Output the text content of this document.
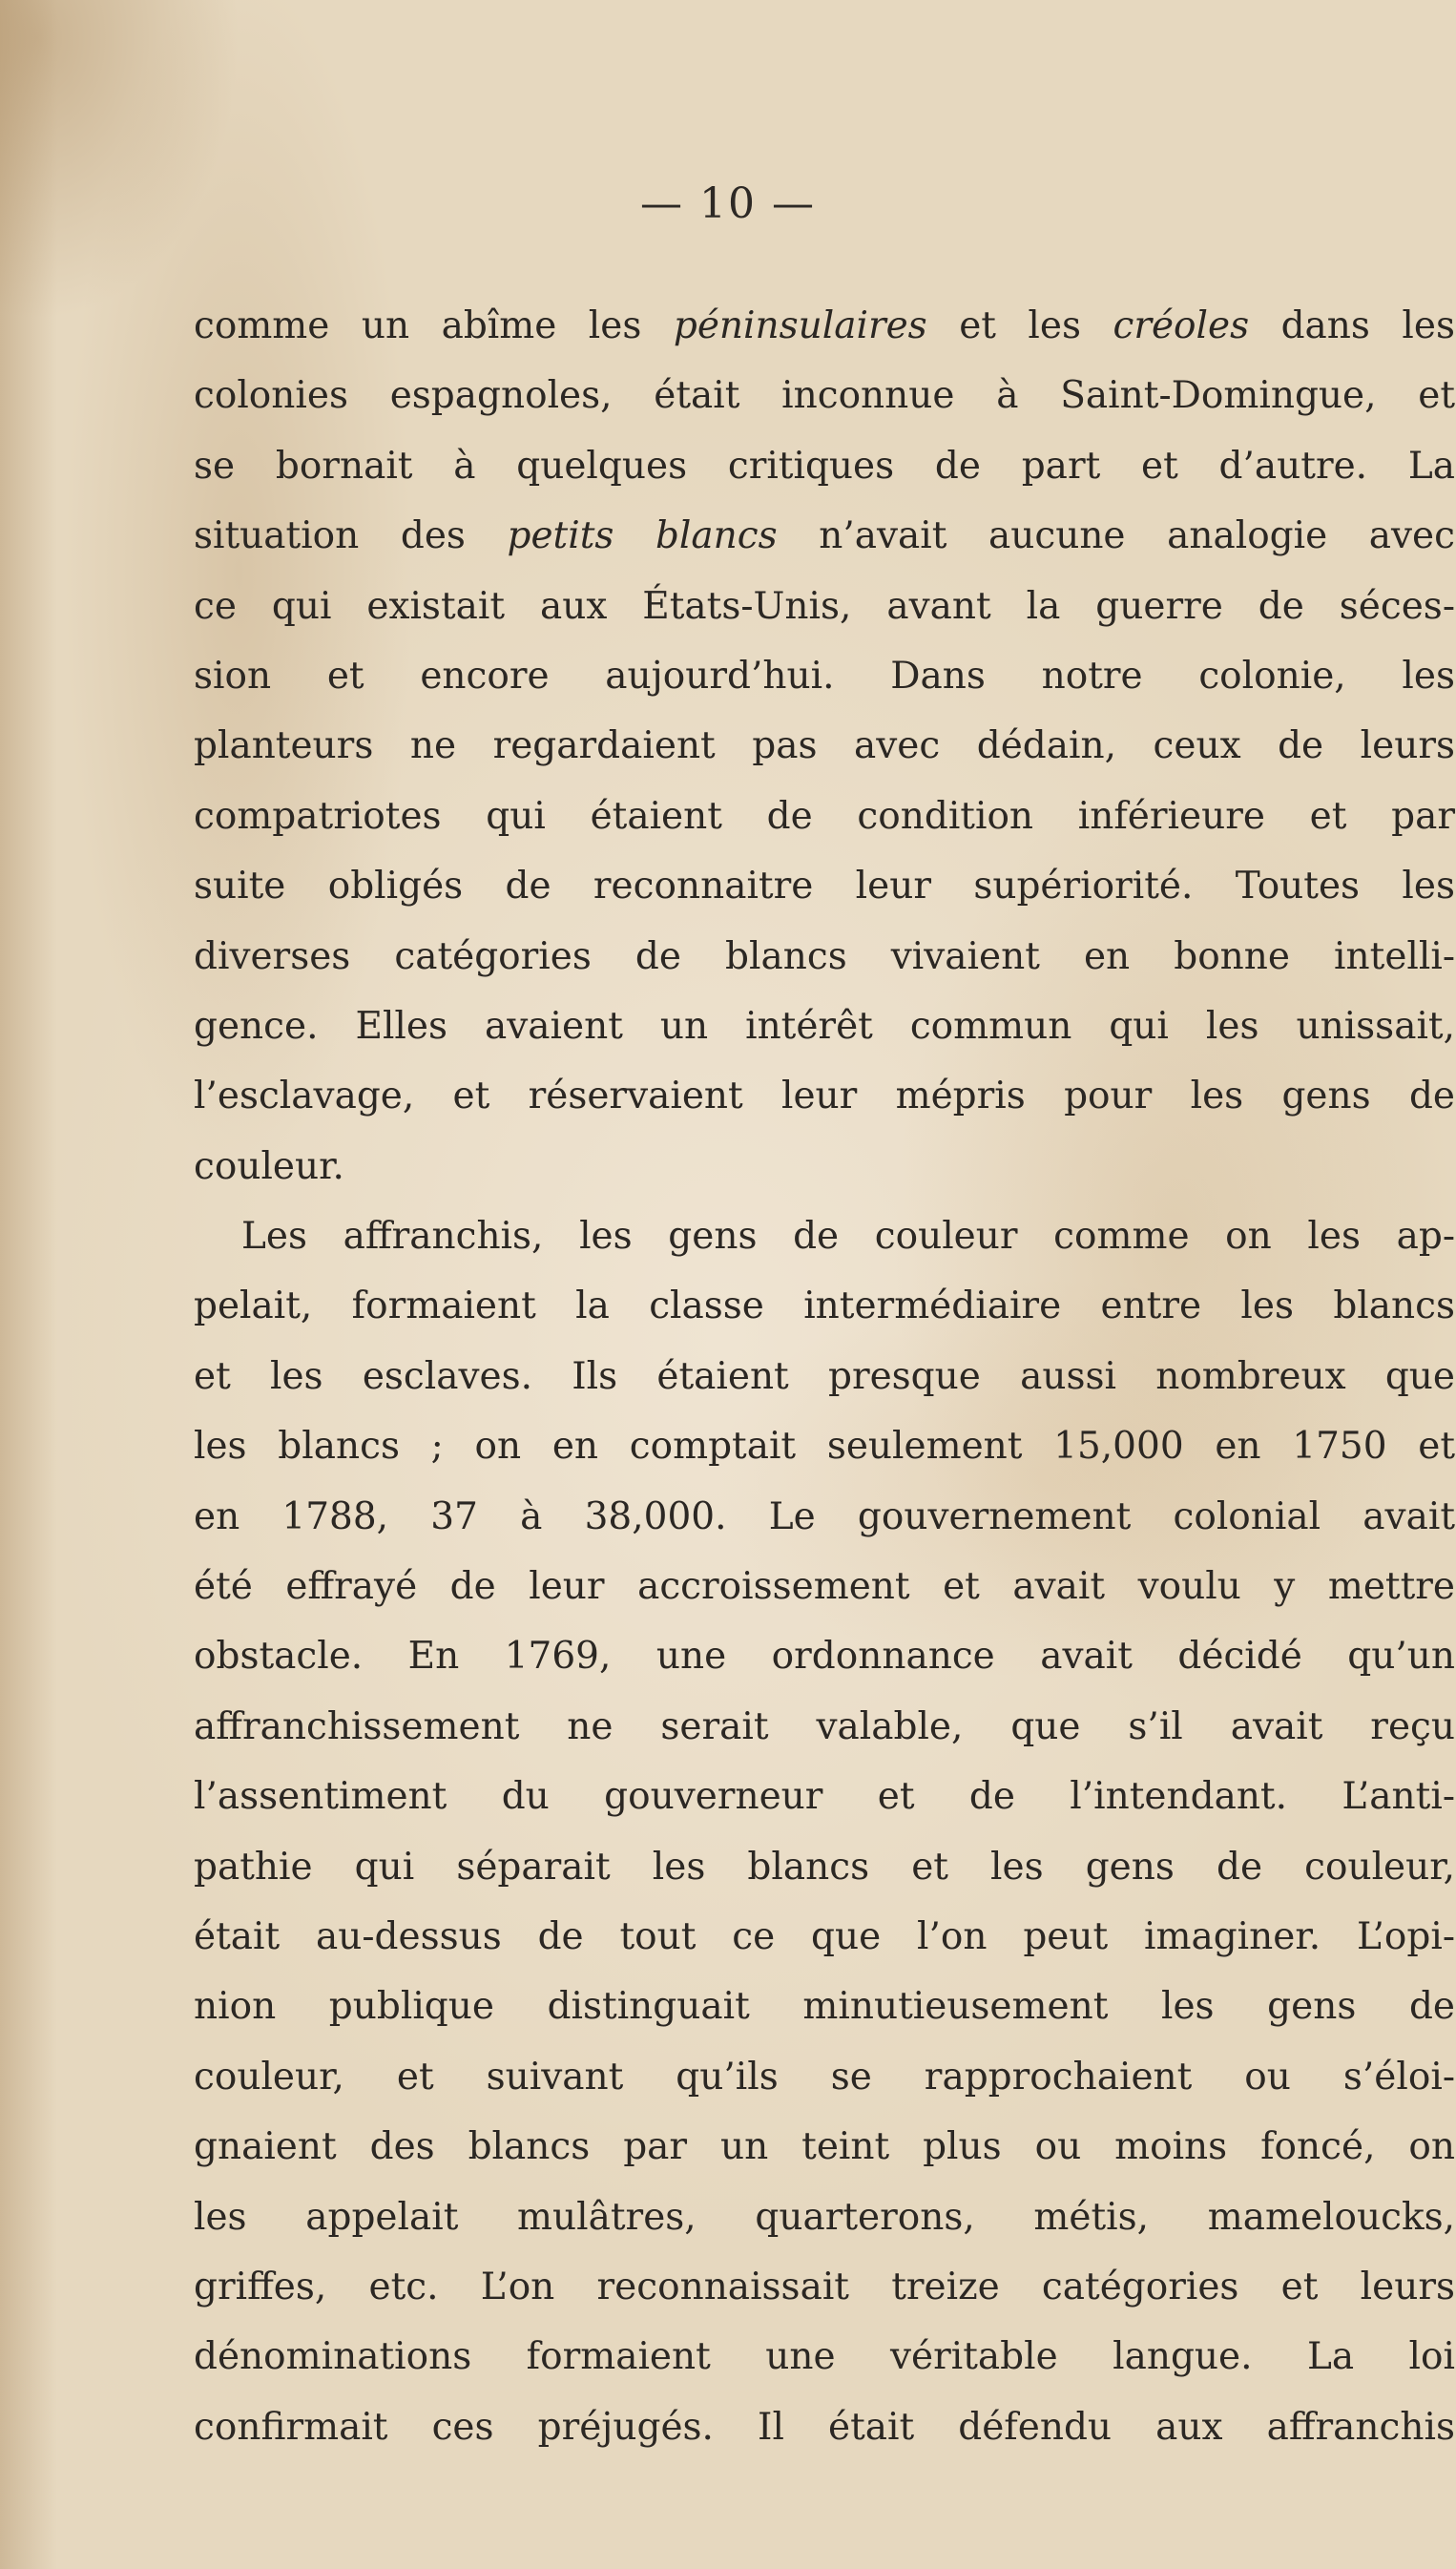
— 10 —
comme un abîme les péninsulaires et les créoles dans les
colonies espagnoles, était inconnue à Saint-Domingue, et
se bornait à quelques critiques de part et d’autre. La
situation des petits blancs n’avait aucune analogie avec
ce qui existait aux États-Unis, avant la guerre de séces-
sion et encore aujourd’hui. Dans notre colonie, les
planteurs ne regardaient pas avec dédain, ceux de leurs
compatriotes qui étaient de condition inférieure et par
suite obligés de reconnaitre leur supériorité. Toutes les
diverses catégories de blancs vivaient en bonne intelli-
gence. Elles avaient un intérêt commun qui les unissait,
l’esclavage, et réservaient leur mépris pour les gens de
couleur.
Les affranchis, les gens de couleur comme on les ap-
pelait, formaient la classe intermédiaire entre les blancs
et les esclaves. Ils étaient presque aussi nombreux que
les blancs ; on en comptait seulement 15,000 en 1750 et
en 1788, 37 à 38,000. Le gouvernement colonial avait
été effrayé de leur accroissement et avait voulu y mettre
obstacle. En 1769, une ordonnance avait décidé qu’un
affranchissement ne serait valable, que s’il avait reçu
l’assentiment du gouverneur et de l’intendant. L’anti-
pathie qui séparait les blancs et les gens de couleur,
était au-dessus de tout ce que l’on peut imaginer. L’opi-
nion publique distinguait minutieusement les gens de
couleur, et suivant qu’ils se rapprochaient ou s’éloi-
gnaient des blancs par un teint plus ou moins foncé, on
les appelait mulâtres, quarterons, métis, mameloucks,
griffes, etc. L’on reconnaissait treize catégories et leurs
dénominations formaient une véritable langue. La loi
confirmait ces préjugés. Il était défendu aux affranchis
